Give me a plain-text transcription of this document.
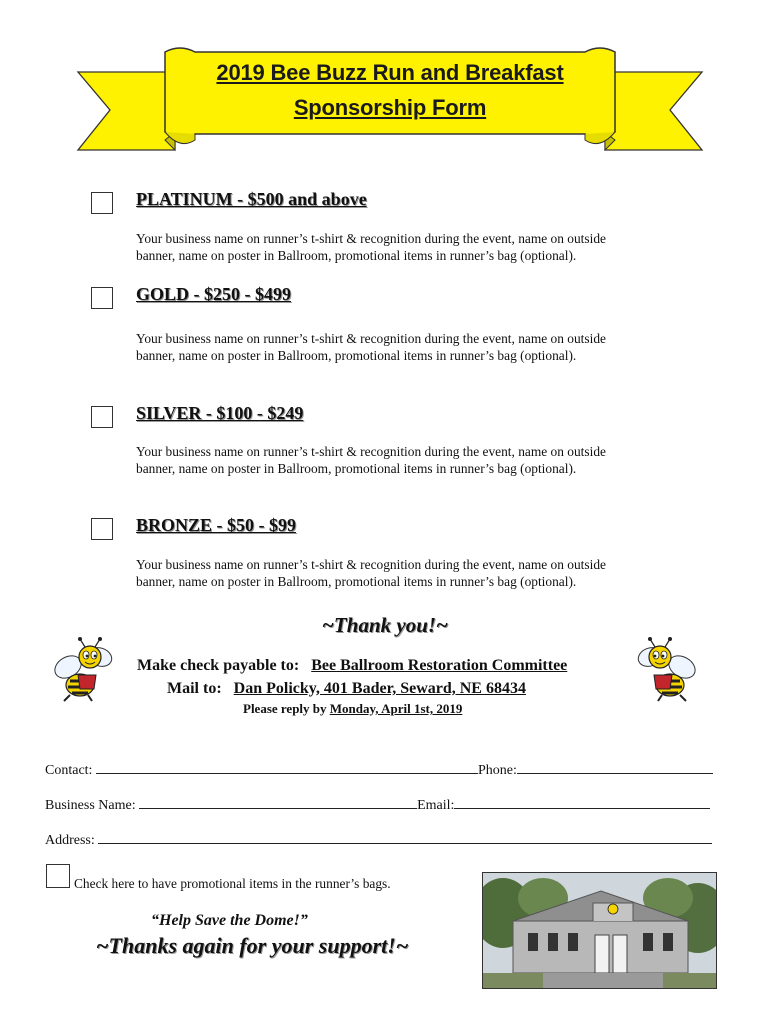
2019 Bee Buzz Run and Breakfast
Sponsorship Form
PLATINUM - $500 and above
Your business name on runner’s t-shirt & recognition during the event, name on outside
banner, name on poster in Ballroom, promotional items in runner’s bag (optional).
GOLD - $250 - $499
Your business name on runner’s t-shirt & recognition during the event, name on outside
banner, name on poster in Ballroom, promotional items in runner’s bag (optional).
SILVER - $100 - $249
Your business name on runner’s t-shirt & recognition during the event, name on outside
banner, name on poster in Ballroom, promotional items in runner’s bag (optional).
BRONZE - $50 - $99
Your business name on runner’s t-shirt & recognition during the event, name on outside
banner, name on poster in Ballroom, promotional items in runner’s bag (optional).
~Thank you!~
Make check payable to: Bee Ballroom Restoration Committee
Mail to: Dan Policky, 401 Bader, Seward, NE 68434
Please reply by Monday, April 1st, 2019
Contact:	Phone:
Business Name:	Email:
Address:
Check here to have promotional items in the runner’s bags.
“Help Save the Dome!”
~Thanks again for your support!~
